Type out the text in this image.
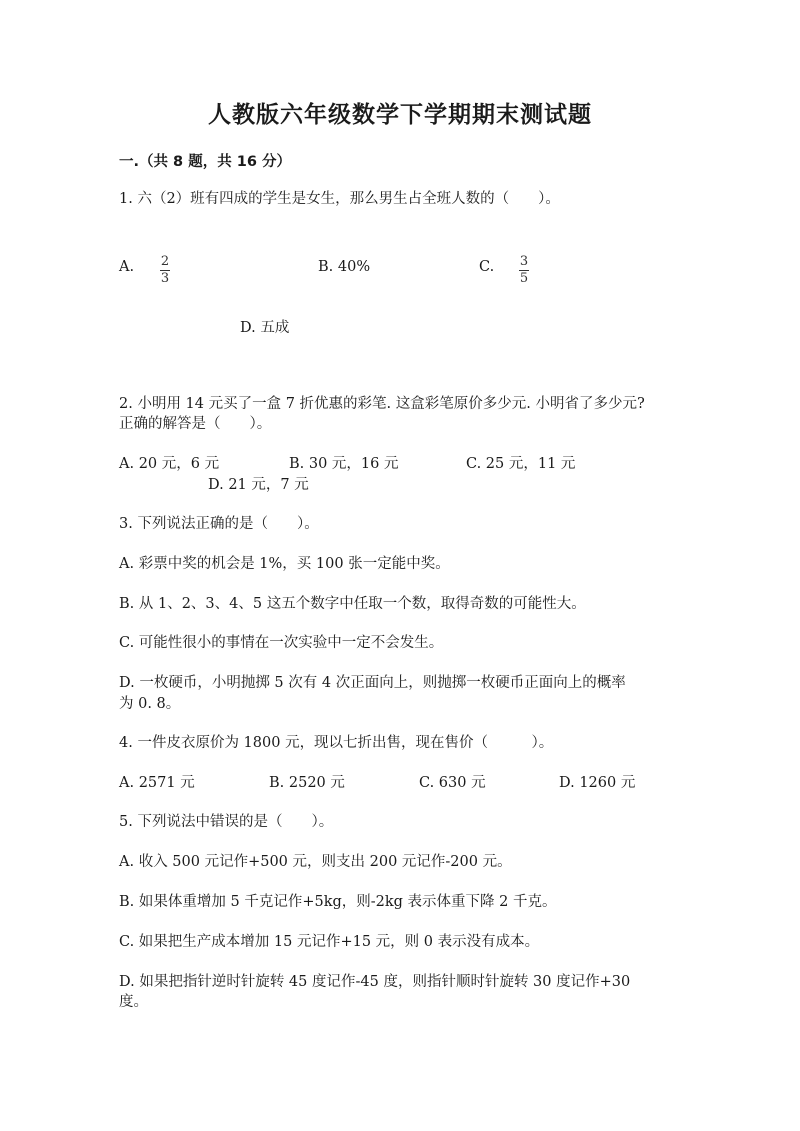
人教版六年级数学下学期期末测试题
一.（共 8 题，共 16 分）
1. 六（2）班有四成的学生是女生，那么男生占全班人数的（　　）。
A. $\frac{2}{3}$	B. 40%	C. $\frac{3}{5}$
D. 五成
2. 小明用 14 元买了一盒 7 折优惠的彩笔. 这盒彩笔原价多少元. 小明省了多少元?
正确的解答是（　　）。
A. 20 元，6 元	B. 30 元，16 元	C. 25 元，11 元
D. 21 元，7 元
3. 下列说法正确的是（　　）。
A. 彩票中奖的机会是 1%，买 100 张一定能中奖。
B. 从 1、2、3、4、5 这五个数字中任取一个数，取得奇数的可能性大。
C. 可能性很小的事情在一次实验中一定不会发生。
D. 一枚硬币，小明抛掷 5 次有 4 次正面向上，则抛掷一枚硬币正面向上的概率
为 0. 8。
4. 一件皮衣原价为 1800 元，现以七折出售，现在售价（　　　）。
A. 2571 元	B. 2520 元	C. 630 元	D. 1260 元
5. 下列说法中错误的是（　　）。
A. 收入 500 元记作+500 元，则支出 200 元记作-200 元。
B. 如果体重增加 5 千克记作+5kg，则-2kg 表示体重下降 2 千克。
C. 如果把生产成本增加 15 元记作+15 元，则 0 表示没有成本。
D. 如果把指针逆时针旋转 45 度记作-45 度，则指针顺时针旋转 30 度记作+30
度。
